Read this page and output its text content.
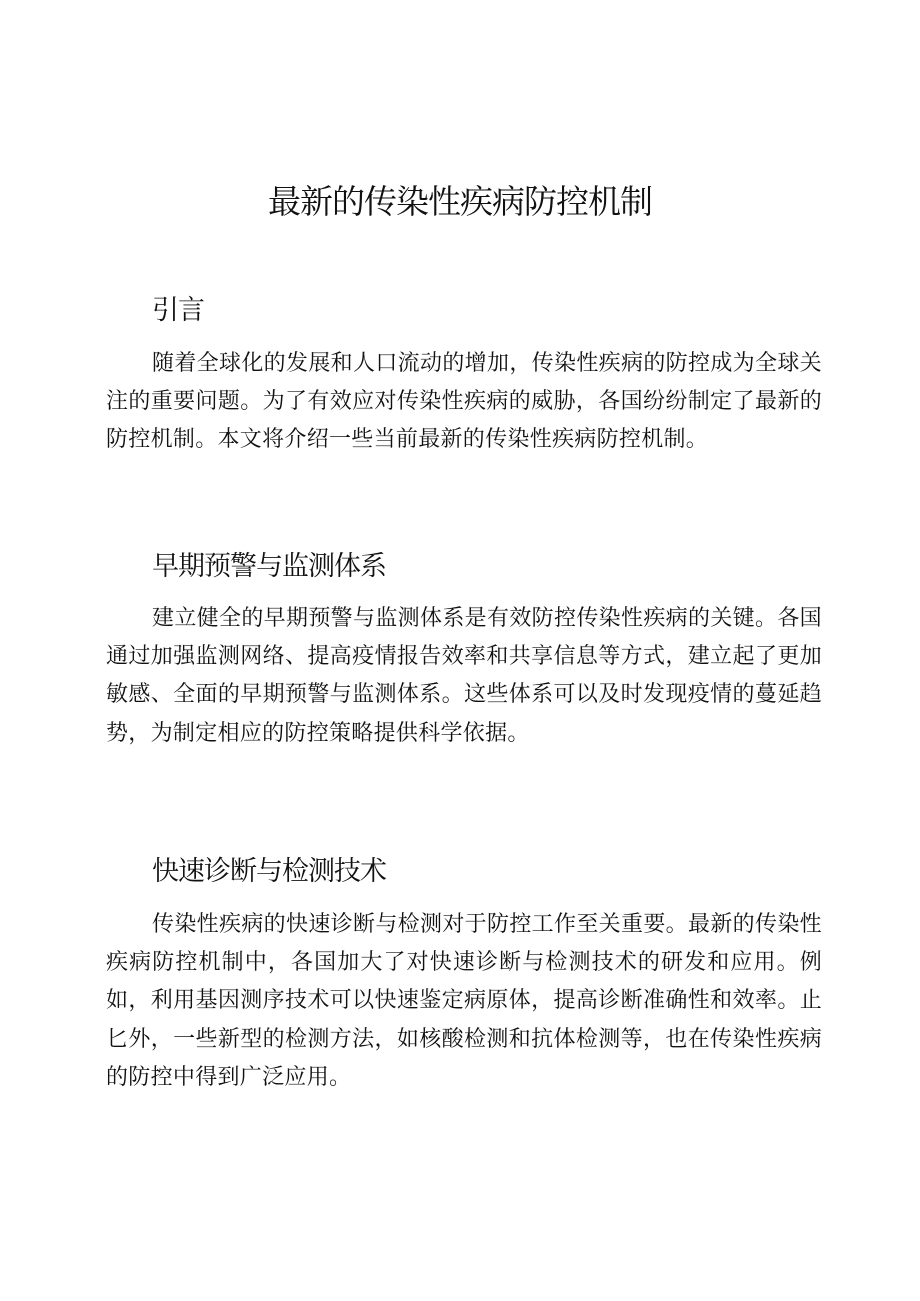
最新的传染性疾病防控机制
引言

随着全球化的发展和人口流动的增加，传染性疾病的防控成为全球关注的重要问题。为了有效应对传染性疾病的威胁，各国纷纷制定了最新的防控机制。本文将介绍一些当前最新的传染性疾病防控机制。

早期预警与监测体系

建立健全的早期预警与监测体系是有效防控传染性疾病的关键。各国通过加强监测网络、提高疫情报告效率和共享信息等方式，建立起了更加敏感、全面的早期预警与监测体系。这些体系可以及时发现疫情的蔓延趋势，为制定相应的防控策略提供科学依据。

快速诊断与检测技术

传染性疾病的快速诊断与检测对于防控工作至关重要。最新的传染性疾病防控机制中，各国加大了对快速诊断与检测技术的研发和应用。例如，利用基因测序技术可以快速鉴定病原体，提高诊断准确性和效率。止匕外，一些新型的检测方法，如核酸检测和抗体检测等，也在传染性疾病的防控中得到广泛应用。
